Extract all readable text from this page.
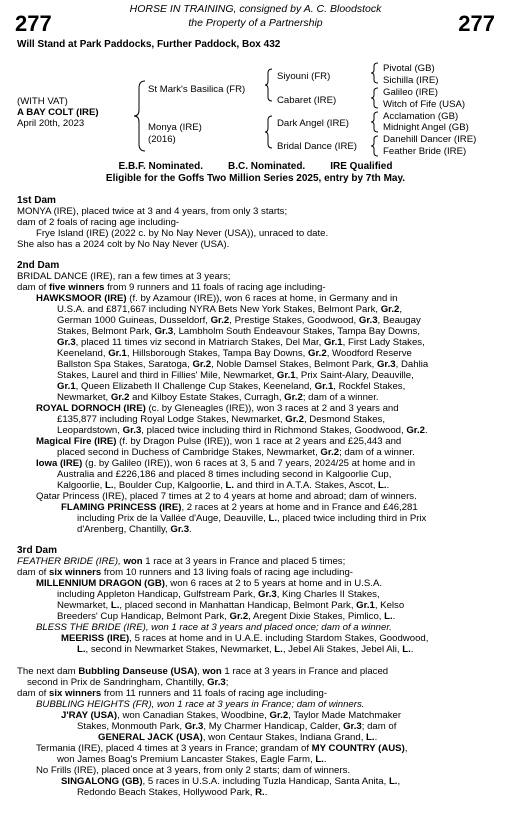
HORSE IN TRAINING, consigned by A. C. Bloodstock
the Property of a Partnership
277	277
Will Stand at Park Paddocks, Further Paddock, Box 432
(WITH VAT)
A BAY COLT (IRE)
April 20th, 2023
St Mark's Basilica (FR)
Siyouni (FR)
Cabaret (IRE)
Pivotal (GB)
Sichilla (IRE)
Galileo (IRE)
Witch of Fife (USA)
Monya (IRE)
(2016)
Dark Angel (IRE)
Bridal Dance (IRE)
Acclamation (GB)
Midnight Angel (GB)
Danehill Dancer (IRE)
Feather Bride (IRE)
E.B.F. Nominated.	B.C. Nominated.	IRE Qualified
Eligible for the Goffs Two Million Series 2025, entry by 7th May.
1st Dam
MONYA (IRE), placed twice at 3 and 4 years, from only 3 starts;
dam of 2 foals of racing age including-
Frye Island (IRE) (2022 c. by No Nay Never (USA)), unraced to date.
She also has a 2024 colt by No Nay Never (USA).
2nd Dam
BRIDAL DANCE (IRE), ran a few times at 3 years;
dam of five winners from 9 runners and 11 foals of racing age including-
HAWKSMOOR (IRE) (f. by Azamour (IRE)), won 6 races at home, in Germany and in
U.S.A. and £871,667 including NYRA Bets New York Stakes, Belmont Park, Gr.2,
German 1000 Guineas, Dusseldorf, Gr.2, Prestige Stakes, Goodwood, Gr.3, Beaugay
Stakes, Belmont Park, Gr.3, Lambholm South Endeavour Stakes, Tampa Bay Downs,
Gr.3, placed 11 times viz second in Matriarch Stakes, Del Mar, Gr.1, First Lady Stakes,
Keeneland, Gr.1, Hillsborough Stakes, Tampa Bay Downs, Gr.2, Woodford Reserve
Ballston Spa Stakes, Saratoga, Gr.2, Noble Damsel Stakes, Belmont Park, Gr.3, Dahlia
Stakes, Laurel and third in Fillies' Mile, Newmarket, Gr.1, Prix Saint-Alary, Deauville,
Gr.1, Queen Elizabeth II Challenge Cup Stakes, Keeneland, Gr.1, Rockfel Stakes,
Newmarket, Gr.2 and Kilboy Estate Stakes, Curragh, Gr.2; dam of a winner.
ROYAL DORNOCH (IRE) (c. by Gleneagles (IRE)), won 3 races at 2 and 3 years and
£135,877 including Royal Lodge Stakes, Newmarket, Gr.2, Desmond Stakes,
Leopardstown, Gr.3, placed twice including third in Richmond Stakes, Goodwood, Gr.2.
Magical Fire (IRE) (f. by Dragon Pulse (IRE)), won 1 race at 2 years and £25,443 and
placed second in Duchess of Cambridge Stakes, Newmarket, Gr.2; dam of a winner.
Iowa (IRE) (g. by Galileo (IRE)), won 6 races at 3, 5 and 7 years, 2024/25 at home and in
Australia and £226,186 and placed 8 times including second in Kalgoorlie Cup,
Kalgoorlie, L., Boulder Cup, Kalgoorlie, L. and third in A.T.A. Stakes, Ascot, L..
Qatar Princess (IRE), placed 7 times at 2 to 4 years at home and abroad; dam of winners.
FLAMING PRINCESS (IRE), 2 races at 2 years at home and in France and £46,281
including Prix de la Vallée d'Auge, Deauville, L., placed twice including third in Prix
d'Arenberg, Chantilly, Gr.3.
3rd Dam
FEATHER BRIDE (IRE), won 1 race at 3 years in France and placed 5 times;
dam of six winners from 10 runners and 13 living foals of racing age including-
MILLENNIUM DRAGON (GB), won 6 races at 2 to 5 years at home and in U.S.A.
including Appleton Handicap, Gulfstream Park, Gr.3, King Charles II Stakes,
Newmarket, L., placed second in Manhattan Handicap, Belmont Park, Gr.1, Kelso
Breeders' Cup Handicap, Belmont Park, Gr.2, Aregent Dixie Stakes, Pimlico, L..
BLESS THE BRIDE (IRE), won 1 race at 3 years and placed once; dam of a winner.
MEERISS (IRE), 5 races at home and in U.A.E. including Stardom Stakes, Goodwood,
L., second in Newmarket Stakes, Newmarket, L., Jebel Ali Stakes, Jebel Ali, L..
The next dam Bubbling Danseuse (USA), won 1 race at 3 years in France and placed
second in Prix de Sandringham, Chantilly, Gr.3;
dam of six winners from 11 runners and 11 foals of racing age including-
BUBBLING HEIGHTS (FR), won 1 race at 3 years in France; dam of winners.
J'RAY (USA), won Canadian Stakes, Woodbine, Gr.2, Taylor Made Matchmaker
Stakes, Monmouth Park, Gr.3, My Charmer Handicap, Calder, Gr.3; dam of
GENERAL JACK (USA), won Centaur Stakes, Indiana Grand, L..
Termania (IRE), placed 4 times at 3 years in France; grandam of MY COUNTRY (AUS),
won James Boag's Premium Lancaster Stakes, Eagle Farm, L..
No Frills (IRE), placed once at 3 years, from only 2 starts; dam of winners.
SINGALONG (GB), 5 races in U.S.A. including Tuzla Handicap, Santa Anita, L.,
Redondo Beach Stakes, Hollywood Park, R..
